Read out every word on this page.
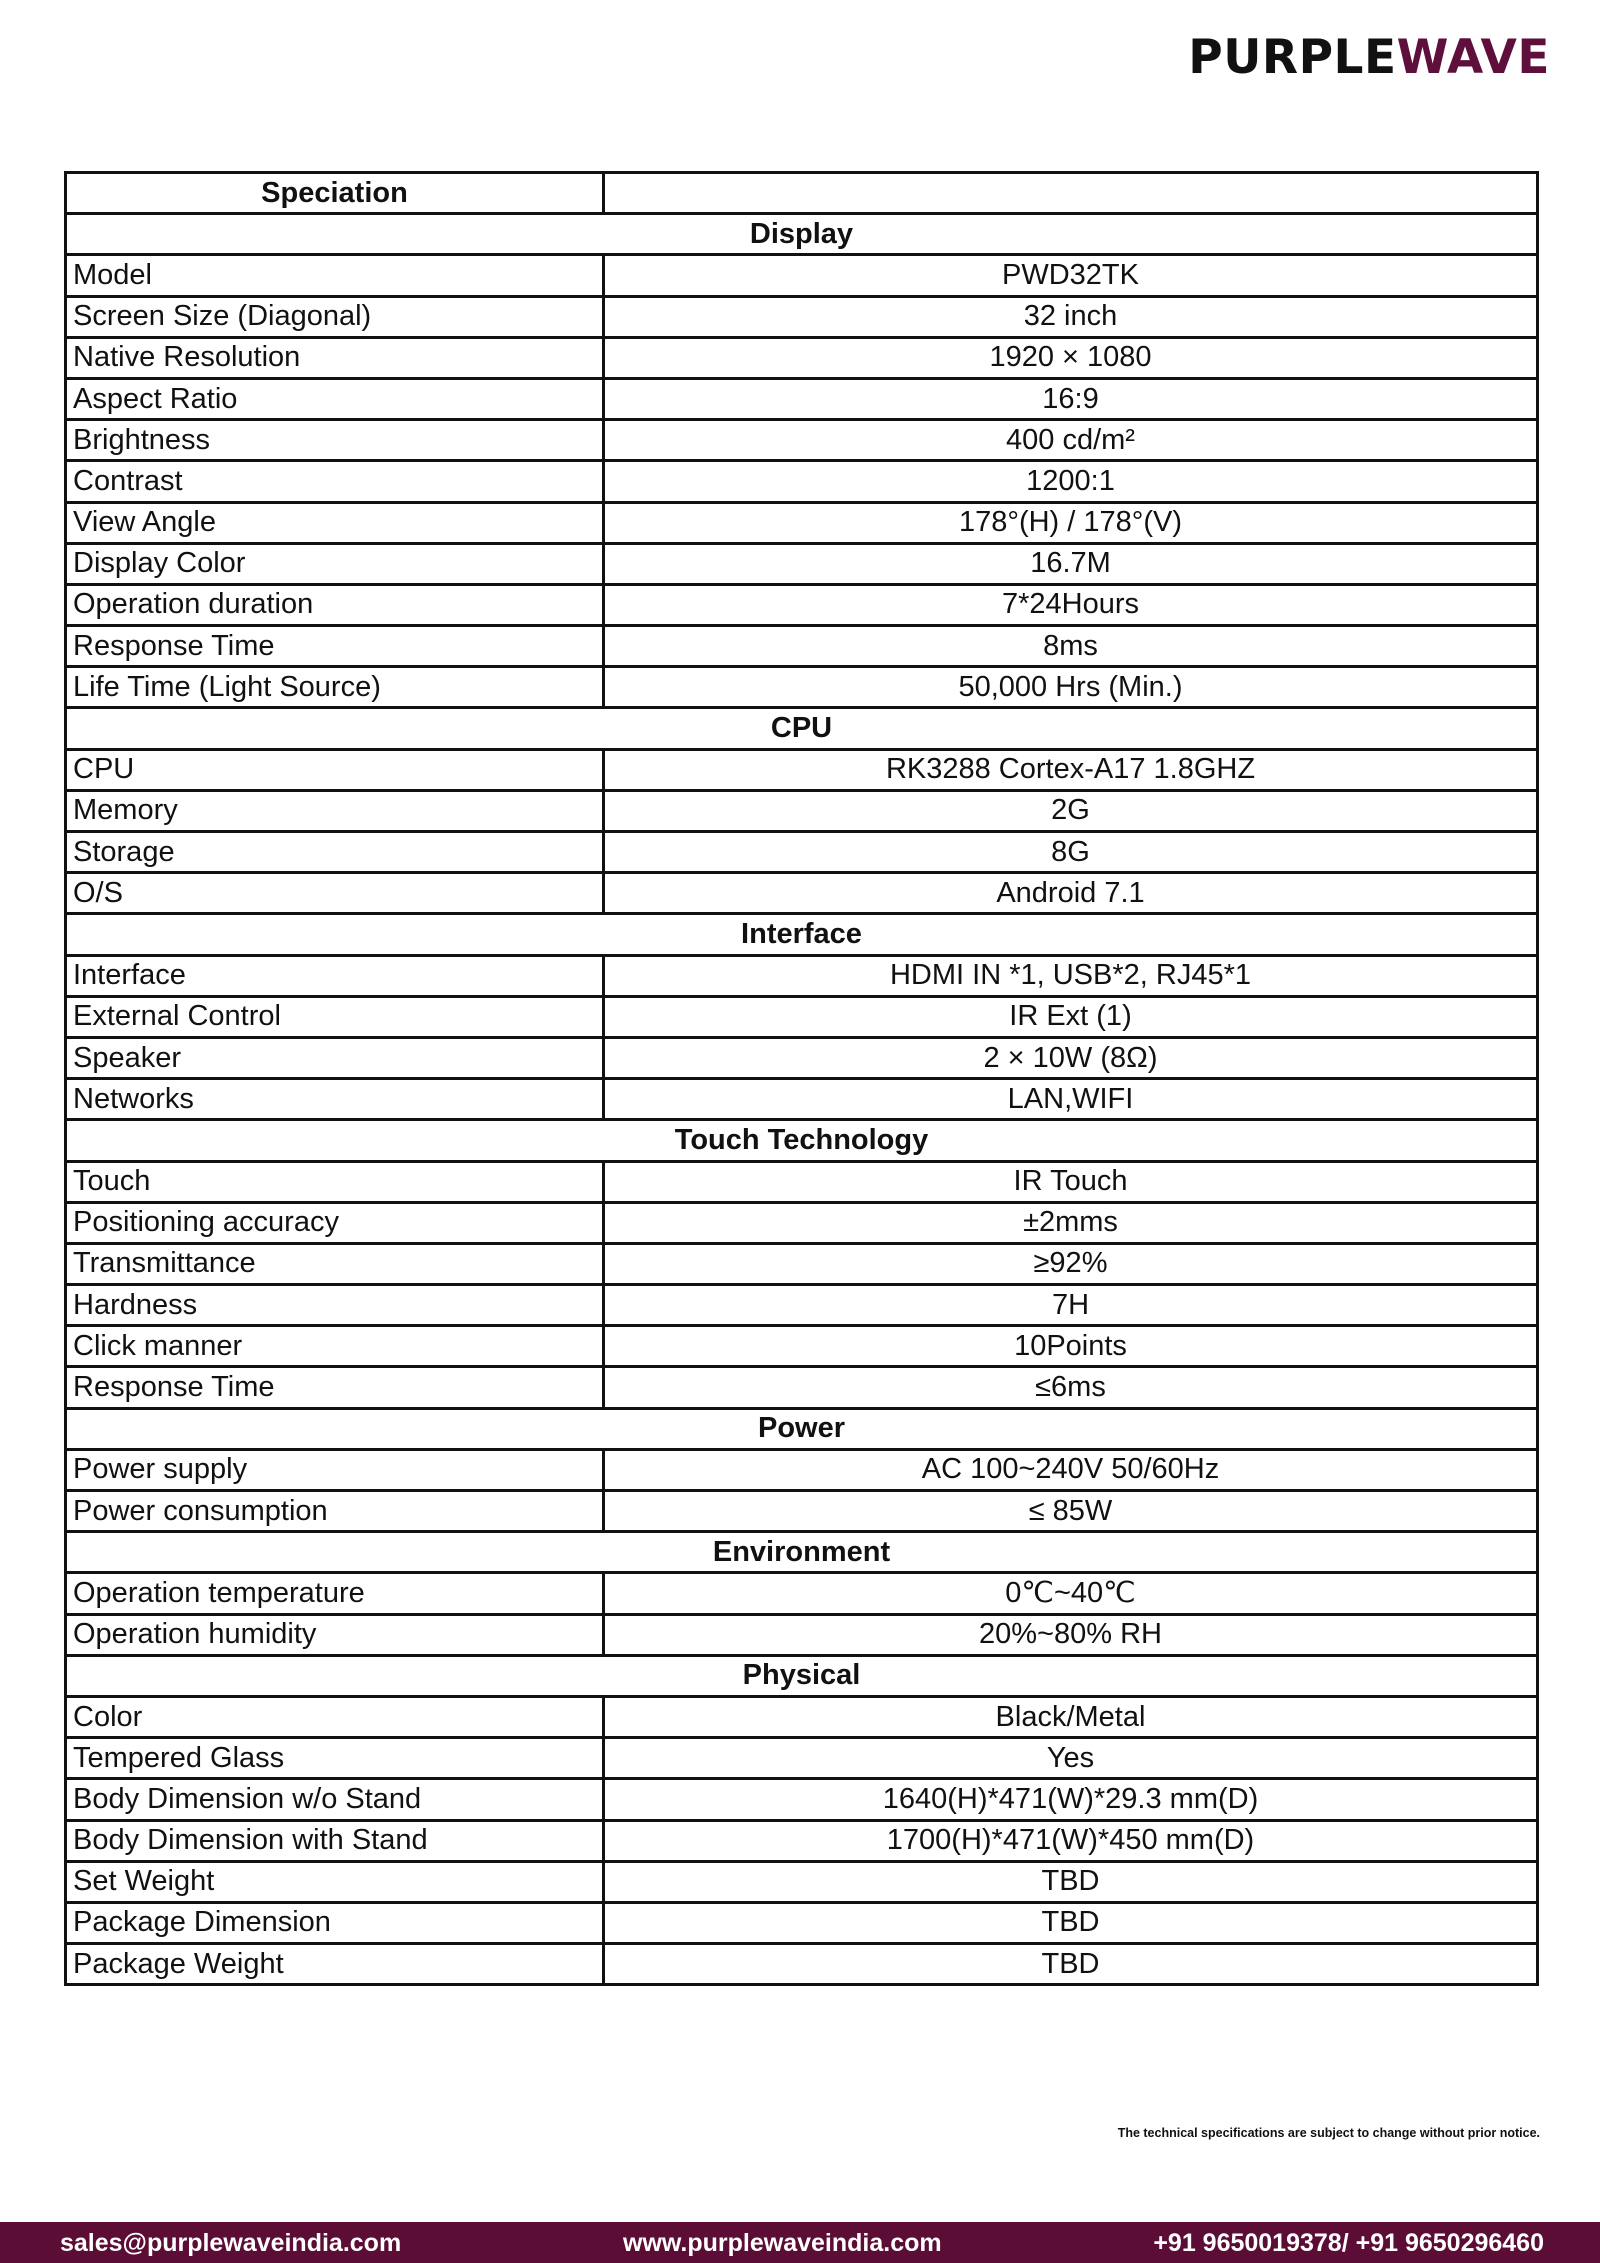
PURPLEWAVE
Speciation	
Display	
Model	PWD32TK
Screen Size (Diagonal)	32 inch
Native Resolution	1920 × 1080
Aspect Ratio	16:9
Brightness	400 cd/m²
Contrast	1200:1
View Angle	178°(H) / 178°(V)
Display Color	16.7M
Operation duration	7*24Hours
Response Time	8ms
Life Time (Light Source)	50,000 Hrs (Min.)
CPU	
CPU	RK3288 Cortex-A17 1.8GHZ
Memory	2G
Storage	8G
O/S	Android 7.1
Interface	
Interface	HDMI IN *1, USB*2, RJ45*1
External Control	IR Ext (1)
Speaker	2 × 10W (8Ω)
Networks	LAN,WIFI
Touch Technology	
Touch	IR Touch
Positioning accuracy	±2mms
Transmittance	≥92%
Hardness	7H
Click manner	10Points
Response Time	≤6ms
Power	
Power supply	AC 100~240V 50/60Hz
Power consumption	≤ 85W
Environment	
Operation temperature	0℃~40℃
Operation humidity	20%~80% RH
Physical	
Color	Black/Metal
Tempered Glass	Yes
Body Dimension w/o Stand	1640(H)*471(W)*29.3 mm(D)
Body Dimension with Stand	1700(H)*471(W)*450 mm(D)
Set Weight	TBD
Package Dimension	TBD
Package Weight	TBD
The technical specifications are subject to change without prior notice.
sales@purplewaveindia.com	www.purplewaveindia.com	+91 9650019378/ +91 9650296460
